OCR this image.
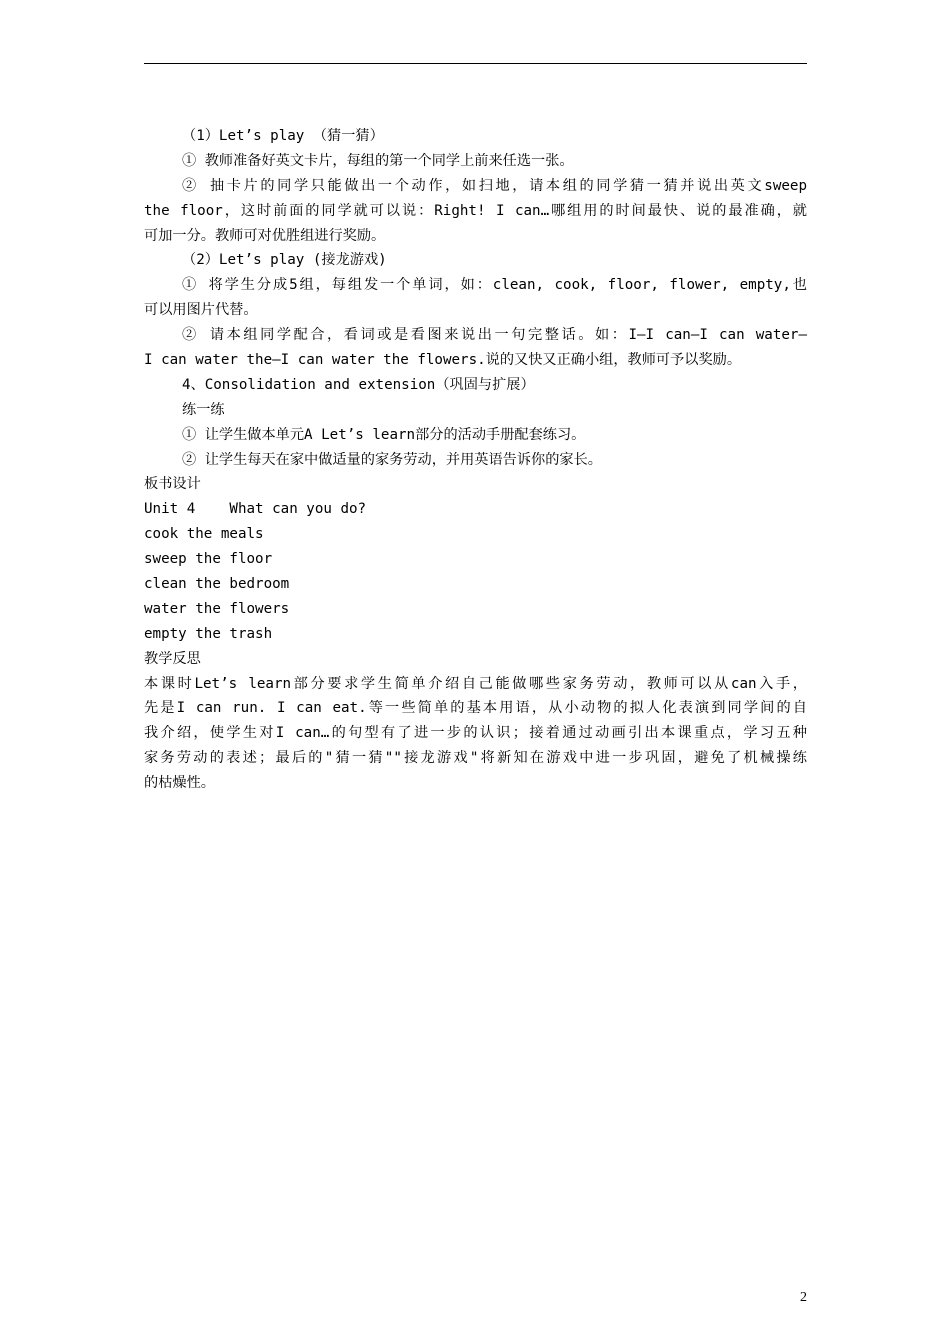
（1）Let’s play （猜一猜）
① 教师准备好英文卡片，每组的第一个同学上前来任选一张。
② 抽卡片的同学只能做出一个动作，如扫地，请本组的同学猜一猜并说出英文sweep
the floor，这时前面的同学就可以说：Right! I can…哪组用的时间最快、说的最准确，就
可加一分。教师可对优胜组进行奖励。
（2）Let’s play (接龙游戏)
① 将学生分成5组，每组发一个单词，如：clean, cook, floor, flower, empty,也
可以用图片代替。
② 请本组同学配合，看词或是看图来说出一句完整话。如：I—I can—I can water—
I can water the—I can water the flowers.说的又快又正确小组，教师可予以奖励。
4、Consolidation and extension（巩固与扩展）
练一练
① 让学生做本单元A Let’s learn部分的活动手册配套练习。
② 让学生每天在家中做适量的家务劳动，并用英语告诉你的家长。
板书设计
Unit 4    What can you do?
cook the meals
sweep the floor
clean the bedroom
water the flowers
empty the trash
教学反思
本课时Let’s learn部分要求学生简单介绍自己能做哪些家务劳动，教师可以从can入手，
先是I can run. I can eat.等一些简单的基本用语，从小动物的拟人化表演到同学间的自
我介绍，使学生对I can…的句型有了进一步的认识；接着通过动画引出本课重点，学习五种
家务劳动的表述；最后的"猜一猜""接龙游戏"将新知在游戏中进一步巩固，避免了机械操练
的枯燥性。
2
